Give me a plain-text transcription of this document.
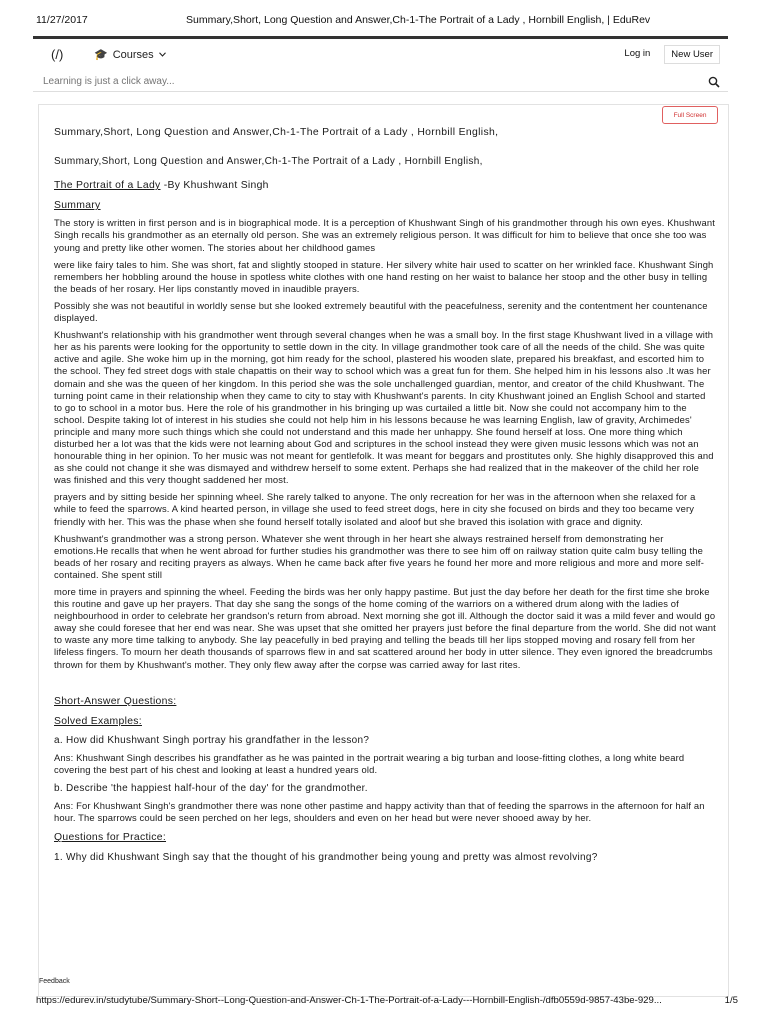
11/27/2017	Summary,Short, Long Question and Answer,Ch-1-The Portrait of a Lady , Hornbill English, | EduRev
(/)	🎓 Courses	Log in	New User
Learning is just a click away...
Full Screen
Summary,Short, Long Question and Answer,Ch-1-The Portrait of a Lady , Hornbill English,
Summary,Short, Long Question and Answer,Ch-1-The Portrait of a Lady , Hornbill English,
The Portrait of a Lady -By Khushwant Singh
Summary

The story is written in first person and is in biographical mode. It is a perception of Khushwant Singh of his grandmother through his own eyes. Khushwant Singh recalls his grandmother as an eternally old person. She was an extremely religious person. It was difficult for him to believe that once she too was young and pretty like other women. The stories about her childhood games

were like fairy tales to him. She was short, fat and slightly stooped in stature. Her silvery white hair used to scatter on her wrinkled face. Khushwant Singh remembers her hobbling around the house in spotless white clothes with one hand resting on her waist to balance her stoop and the other busy in telling the beads of her rosary. Her lips constantly moved in inaudible prayers.

Possibly she was not beautiful in worldly sense but she looked extremely beautiful with the peacefulness, serenity and the contentment her countenance displayed.

Khushwant's relationship with his grandmother went through several changes when he was a small boy. In the first stage Khushwant lived in a village with her as his parents were looking for the opportunity to settle down in the city. In village grandmother took care of all the needs of the child. She was quite active and agile. She woke him up in the morning, got him ready for the school, plastered his wooden slate, prepared his breakfast, and escorted him to the school. They fed street dogs with stale chapattis on their way to school which was a great fun for them. She helped him in his lessons also .It was her domain and she was the queen of her kingdom. In this period she was the sole unchallenged guardian, mentor, and creator of the child Khushwant. The turning point came in their relationship when they came to city to stay with Khushwant's parents. In city Khushwant joined an English School and started to go to school in a motor bus. Here the role of his grandmother in his bringing up was curtailed a little bit. Now she could not accompany him to the school. Despite taking lot of interest in his studies she could not help him in his lessons because he was learning English, law of gravity, Archimedes' principle and many more such things which she could not understand and this made her unhappy. She found herself at loss. One more thing which disturbed her a lot was that the kids were not learning about God and scriptures in the school instead they were given music lessons which was not an honourable thing in her opinion. To her music was not meant for gentlefolk. It was meant for beggars and prostitutes only. She highly disapproved this and as she could not change it she was dismayed and withdrew herself to some extent. Perhaps she had realized that in the makeover of the child her role was finished and this very thought saddened her most.

prayers and by sitting beside her spinning wheel. She rarely talked to anyone. The only recreation for her was in the afternoon when she relaxed for a while to feed the sparrows. A kind hearted person, in village she used to feed street dogs, here in city she focused on birds and they too became very friendly with her. This was the phase when she found herself totally isolated and aloof but she braved this isolation with grace and dignity.

Khushwant's grandmother was a strong person. Whatever she went through in her heart she always restrained herself from demonstrating her emotions.He recalls that when he went abroad for further studies his grandmother was there to see him off on railway station quite calm busy telling the beads of her rosary and reciting prayers as always. When he came back after five years he found her more and more religious and more and more self-contained. She spent still

more time in prayers and spinning the wheel. Feeding the birds was her only happy pastime. But just the day before her death for the first time she broke this routine and gave up her prayers. That day she sang the songs of the home coming of the warriors on a withered drum along with the ladies of neighbourhood in order to celebrate her grandson's return from abroad. Next morning she got ill. Although the doctor said it was a mild fever and would go away she could foresee that her end was near. She was upset that she omitted her prayers just before the final departure from the world. She did not want to waste any more time talking to anybody. She lay peacefully in bed praying and telling the beads till her lips stopped moving and rosary fell from her lifeless fingers. To mourn her death thousands of sparrows flew in and sat scattered around her body in utter silence. They even ignored the breadcrumbs thrown for them by Khushwant's mother. They only flew away after the corpse was carried away for last rites.

Short-Answer Questions:
Solved Examples:
a. How did Khushwant Singh portray his grandfather in the lesson?

Ans: Khushwant Singh describes his grandfather as he was painted in the portrait wearing a big turban and loose-fitting clothes, a long white beard covering the best part of his chest and looking at least a hundred years old.

b. Describe 'the happiest half-hour of the day' for the grandmother.

Ans: For Khushwant Singh's grandmother there was none other pastime and happy activity than that of feeding the sparrows in the afternoon for half an hour. The sparrows could be seen perched on her legs, shoulders and even on her head but were never shooed away by her.

Questions for Practice:
1. Why did Khushwant Singh say that the thought of his grandmother being young and pretty was almost revolving?
Feedback
https://edurev.in/studytube/Summary-Short--Long-Question-and-Answer-Ch-1-The-Portrait-of-a-Lady---Hornbill-English-/dfb0559d-9857-43be-929...	1/5
